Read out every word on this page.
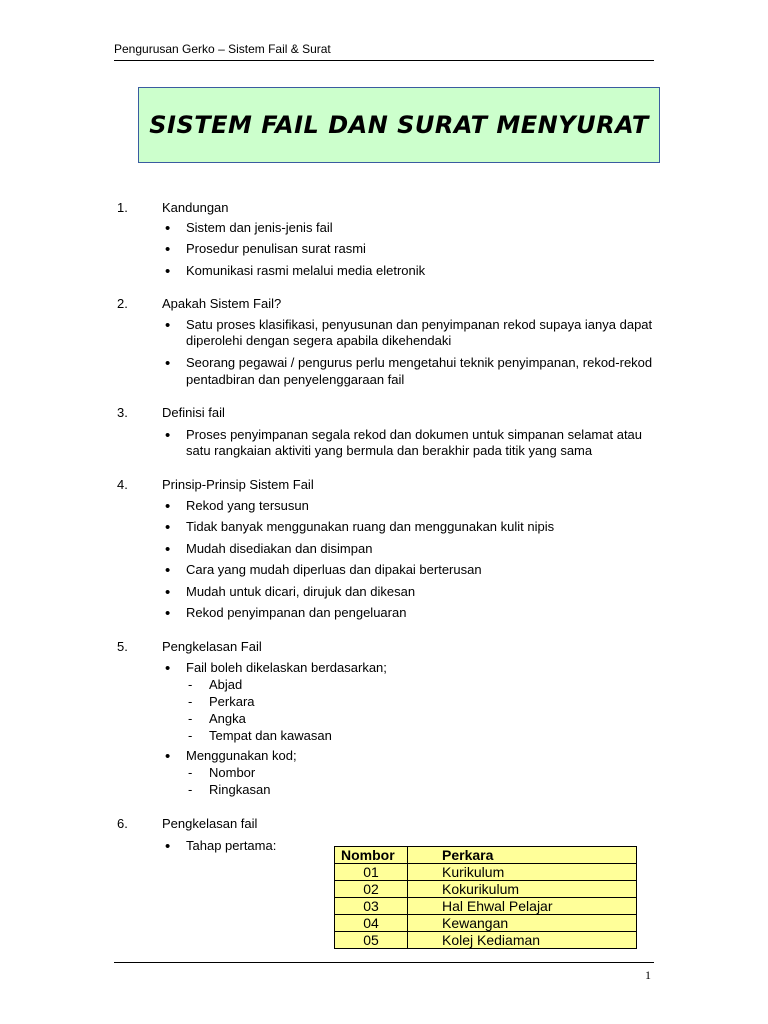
Pengurusan Gerko – Sistem Fail & Surat
SISTEM FAIL DAN SURAT MENYURAT
1.	Kandungan
• Sistem dan jenis-jenis fail
• Prosedur penulisan surat rasmi
• Komunikasi rasmi melalui media eletronik
2.	Apakah Sistem Fail?
• Satu proses klasifikasi, penyusunan dan penyimpanan rekod supaya ianya dapat
diperolehi dengan segera apabila dikehendaki
• Seorang pegawai / pengurus perlu mengetahui teknik penyimpanan, rekod-rekod
pentadbiran dan penyelenggaraan fail
3.	Definisi fail
• Proses penyimpanan segala rekod dan dokumen untuk simpanan selamat atau
satu rangkaian aktiviti yang bermula dan berakhir pada titik yang sama
4.	Prinsip-Prinsip Sistem Fail
• Rekod yang tersusun
• Tidak banyak menggunakan ruang dan menggunakan kulit nipis
• Mudah disediakan dan disimpan
• Cara yang mudah diperluas dan dipakai berterusan
• Mudah untuk dicari, dirujuk dan dikesan
• Rekod penyimpanan dan pengeluaran
5.	Pengkelasan Fail
• Fail boleh dikelaskan berdasarkan;
- Abjad
- Perkara
- Angka
- Tempat dan kawasan
• Menggunakan kod;
- Nombor
- Ringkasan
6.	Pengkelasan fail
• Tahap pertama:
Nombor	Perkara
01	Kurikulum
02	Kokurikulum
03	Hal Ehwal Pelajar
04	Kewangan
05	Kolej Kediaman
1
